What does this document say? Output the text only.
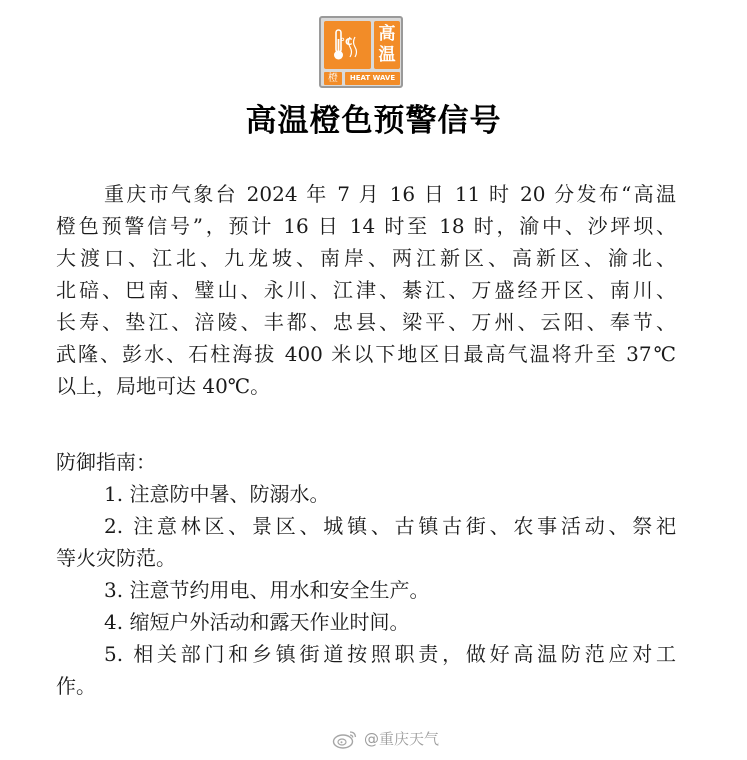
°C 高
温
橙	HEAT WAVE
高温橙色预警信号
重庆市气象台 2024 年 7 月 16 日 11 时 20 分发布“高温
橙色预警信号”，预计 16 日 14 时至 18 时，渝中、沙坪坝、
大渡口、江北、九龙坡、南岸、两江新区、高新区、渝北、
北碚、巴南、璧山、永川、江津、綦江、万盛经开区、南川、
长寿、垫江、涪陵、丰都、忠县、梁平、万州、云阳、奉节、
武隆、彭水、石柱海拔 400 米以下地区日最高气温将升至 37℃
以上，局地可达 40℃。
防御指南：
1. 注意防中暑、防溺水。
2. 注意林区、景区、城镇、古镇古街、农事活动、祭祀
等火灾防范。
3. 注意节约用电、用水和安全生产。
4. 缩短户外活动和露天作业时间。
5. 相关部门和乡镇街道按照职责，做好高温防范应对工
作。
@重庆天气
